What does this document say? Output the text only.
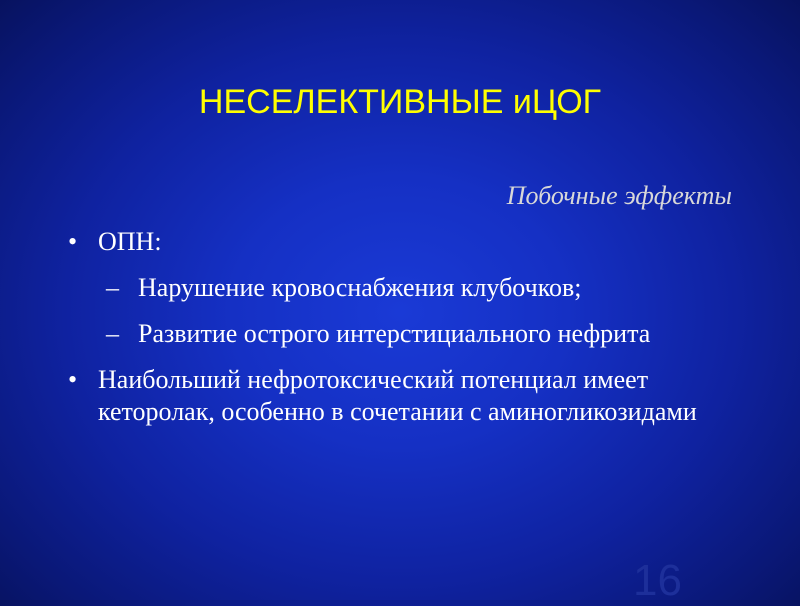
НЕСЕЛЕКТИВНЫЕ иЦОГ
Побочные эффекты
• ОПН:
– Нарушение кровоснабжения клубочков;
– Развитие острого интерстициального нефрита
• Наибольший нефротоксический потенциал имеет кеторолак, особенно в сочетании с аминогликозидами
16
